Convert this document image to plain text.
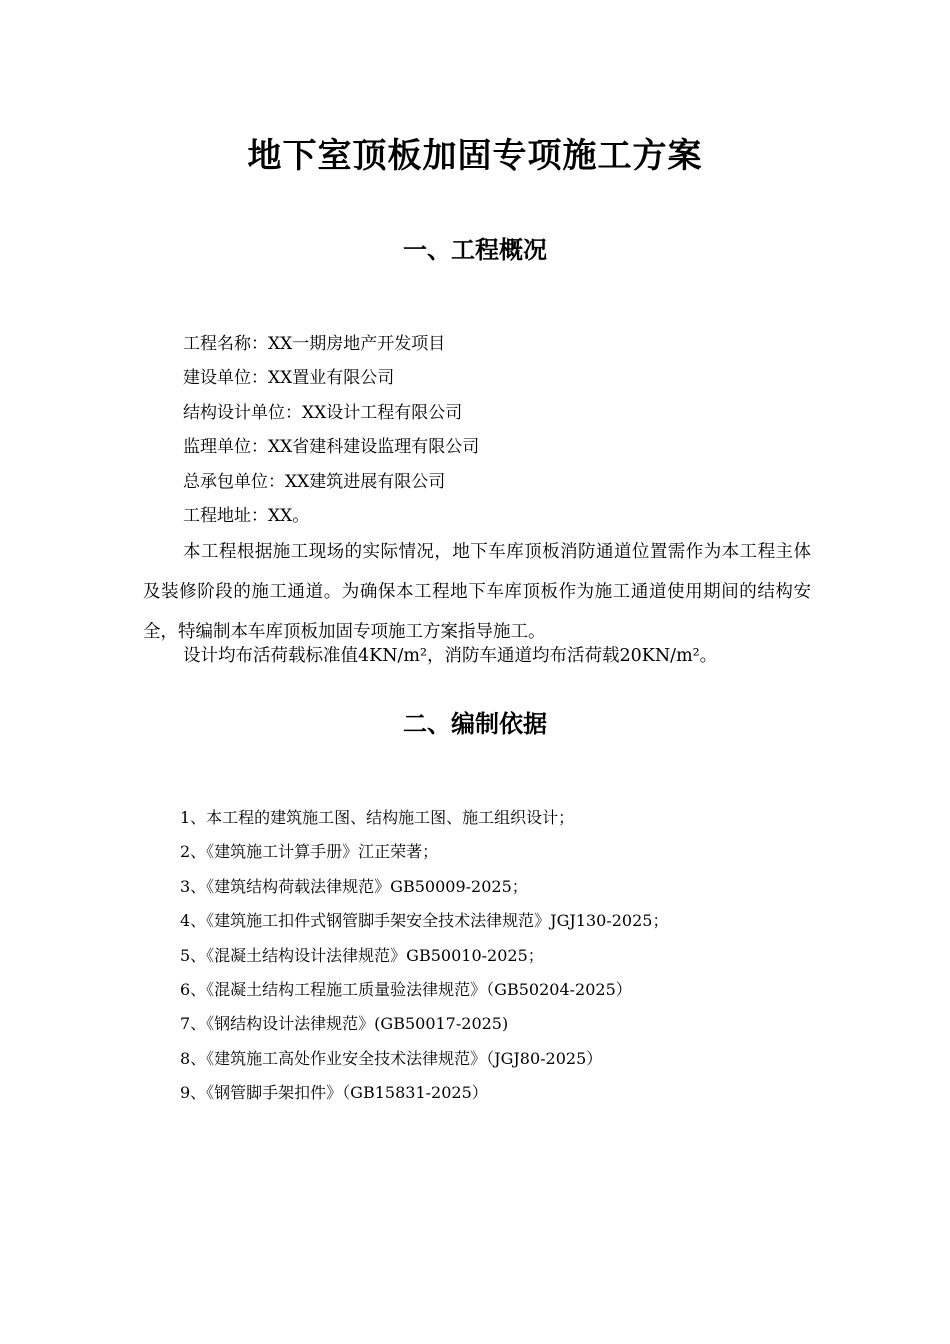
地下室顶板加固专项施工方案
一、工程概况
工程名称：XX一期房地产开发项目
建设单位：XX置业有限公司
结构设计单位：XX设计工程有限公司
监理单位：XX省建科建设监理有限公司
总承包单位：XX建筑进展有限公司
工程地址：XX。

本工程根据施工现场的实际情况，地下车库顶板消防通道位置需作为本工程主体及装修阶段的施工通道。为确保本工程地下车库顶板作为施工通道使用期间的结构安全，特编制本车库顶板加固专项施工方案指导施工。

设计均布活荷载标准值4KN/m²，消防车通道均布活荷载20KN/m²。

二、编制依据
1、本工程的建筑施工图、结构施工图、施工组织设计；
2、《建筑施工计算手册》江正荣著；
3、《建筑结构荷载法律规范》GB50009-2025；
4、《建筑施工扣件式钢管脚手架安全技术法律规范》JGJ130-2025；
5、《混凝土结构设计法律规范》GB50010-2025；
6、《混凝土结构工程施工质量验法律规范》（GB50204-2025）
7、《钢结构设计法律规范》(GB50017-2025)
8、《建筑施工高处作业安全技术法律规范》（JGJ80-2025）
9、《钢管脚手架扣件》（GB15831-2025）
